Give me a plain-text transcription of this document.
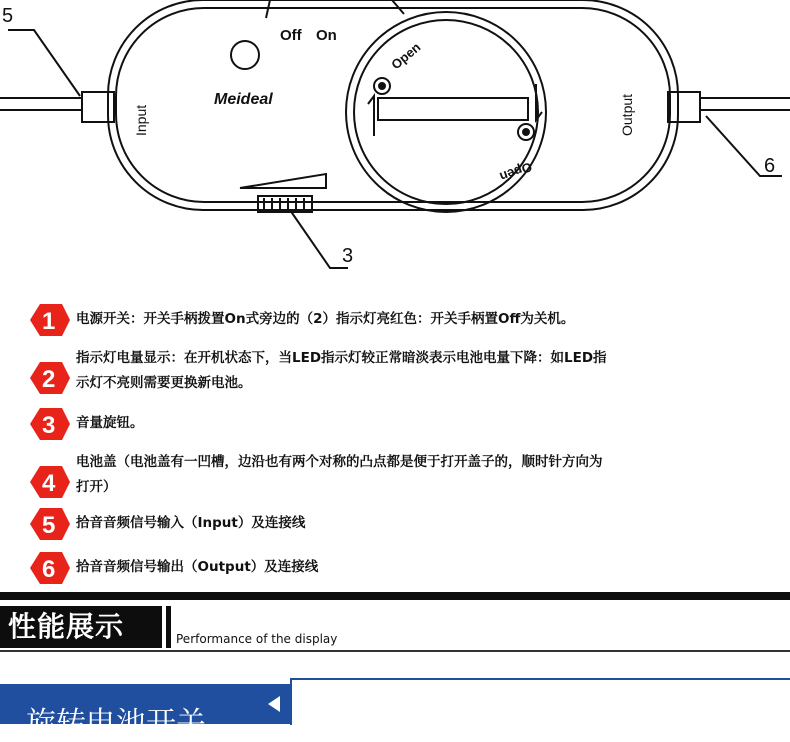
5
6
3
Off On
Meideal
Input	Output
Open
Open
1 电源开关：开关手柄拨置On式旁边的（2）指示灯亮红色：开关手柄置Off为关机。
2
指示灯电量显示：在开机状态下，当LED指示灯较正常暗淡表示电池电量下降：如LED指
示灯不亮则需要更换新电池。
3 音量旋钮。
4
电池盖（电池盖有一凹槽，边沿也有两个对称的凸点都是便于打开盖子的，顺时针方向为
打开）
5 拾音音频信号输入（Input）及连接线
6 拾音音频信号输出（Output）及连接线
性能展示	Performance of the display
旋转电池开关
